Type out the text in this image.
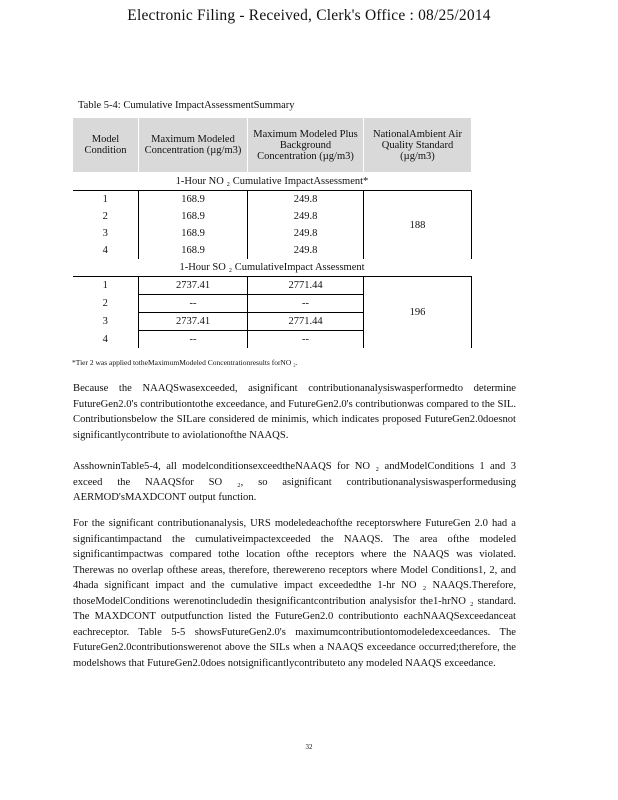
Electronic Filing - Received, Clerk's Office : 08/25/2014
Table 5-4: Cumulative ImpactAssessmentSummary
Model Condition	Maximum Modeled Concentration (µg/m3)	Maximum Modeled Plus Background Concentration (µg/m3)	NationalAmbient Air Quality Standard (µg/m3)
1-Hour NO ₂ Cumulative ImpactAssessment*			
1	168.9	249.8	188
2	168.9	249.8	
3	168.9	249.8	
4	168.9	249.8	
1-Hour SO ₂ CumulativeImpact Assessment			
1	2737.41	2771.44	196
2	--	--	
3	2737.41	2771.44	
4	--	--	
*Tier 2 was applied totheMaximumModeled Concentrationresults forNO ₂.
Because the NAAQSwasexceeded, asignificant contributionanalysiswasperformedto determine FutureGen2.0's contributiontothe exceedance, and FutureGen2.0's contributionwas compared to the SIL. Contributionsbelow the SILare considered de minimis, which indicates proposed FutureGen2.0doesnot significantlycontribute to aviolationofthe NAAQS.
AsshowninTable5-4, all modelconditionsexceedtheNAAQS for NO ₂ andModelConditions 1 and 3 exceed the NAAQSfor SO ₂, so asignificant contributionanalysiswasperformedusing AERMOD'sMAXDCONT output function.
For the significant contributionanalysis, URS modeledeachofthe receptorswhere FutureGen 2.0 had a significantimpactand the cumulativeimpactexceeded the NAAQS. The area ofthe modeled significantimpactwas compared tothe location ofthe receptors where the NAAQS was violated. Therewas no overlap ofthese areas, therefore, therewereno receptors where Model Conditions1, 2, and 4hada significant impact and the cumulative impact exceededthe 1-hr NO ₂ NAAQS.Therefore, thoseModelConditions werenotincludedin thesignificantcontribution analysisfor the1-hrNO ₂ standard. The MAXDCONT outputfunction listed the FutureGen2.0 contributionto eachNAAQSexceedanceat eachreceptor. Table 5-5 showsFutureGen2.0's maximumcontributiontomodeledexceedances. The FutureGen2.0contributionswerenot above the SILs when a NAAQS exceedance occurred;therefore, the modelshows that FutureGen2.0does notsignificantlycontributeto any modeled NAAQS exceedance.
32
